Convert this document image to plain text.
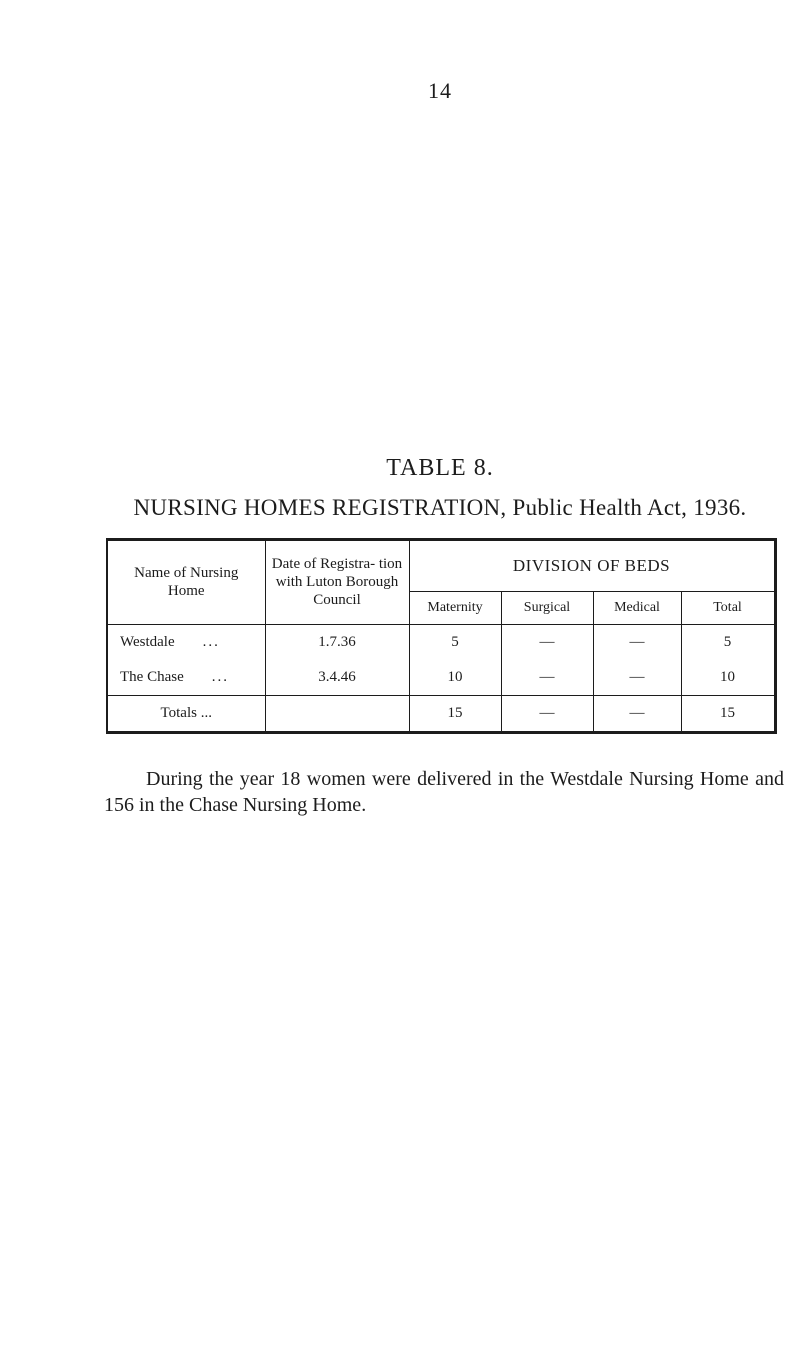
14
TABLE 8.
NURSING HOMES REGISTRATION, Public Health Act, 1936.
Name of Nursing Home	Date of Registra- tion with Luton Borough Council	DIVISION OF BEDS			
		Maternity	Surgical	Medical	Total
Westdale ...	1.7.36	5	—	—	5
The Chase ...	3.4.46	10	—	—	10
Totals ...		15	—	—	15

During the year 18 women were delivered in the Westdale Nursing Home and 156 in the Chase Nursing Home.
